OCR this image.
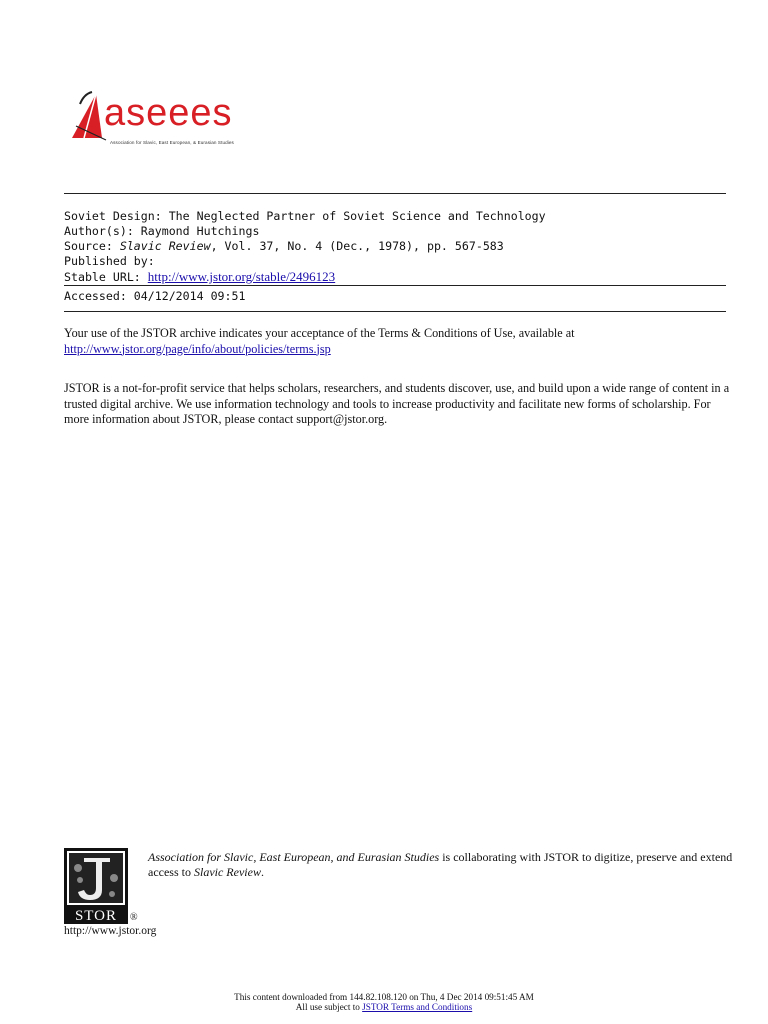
aseees
Association for Slavic, East European, & Eurasian Studies
Soviet Design: The Neglected Partner of Soviet Science and Technology
Author(s): Raymond Hutchings
Source: Slavic Review, Vol. 37, No. 4 (Dec., 1978), pp. 567-583
Published by:
Stable URL: http://www.jstor.org/stable/2496123
Accessed: 04/12/2014 09:51
Your use of the JSTOR archive indicates your acceptance of the Terms & Conditions of Use, available at
http://www.jstor.org/page/info/about/policies/terms.jsp
JSTOR is a not-for-profit service that helps scholars, researchers, and students discover, use, and build upon a wide range of content in a trusted digital archive. We use information technology and tools to increase productivity and facilitate new forms of scholarship. For more information about JSTOR, please contact support@jstor.org.
STOR	®
http://www.jstor.org
Association for Slavic, East European, and Eurasian Studies is collaborating with JSTOR to digitize, preserve and extend access to Slavic Review.
This content downloaded from 144.82.108.120 on Thu, 4 Dec 2014 09:51:45 AM
All use subject to JSTOR Terms and Conditions
